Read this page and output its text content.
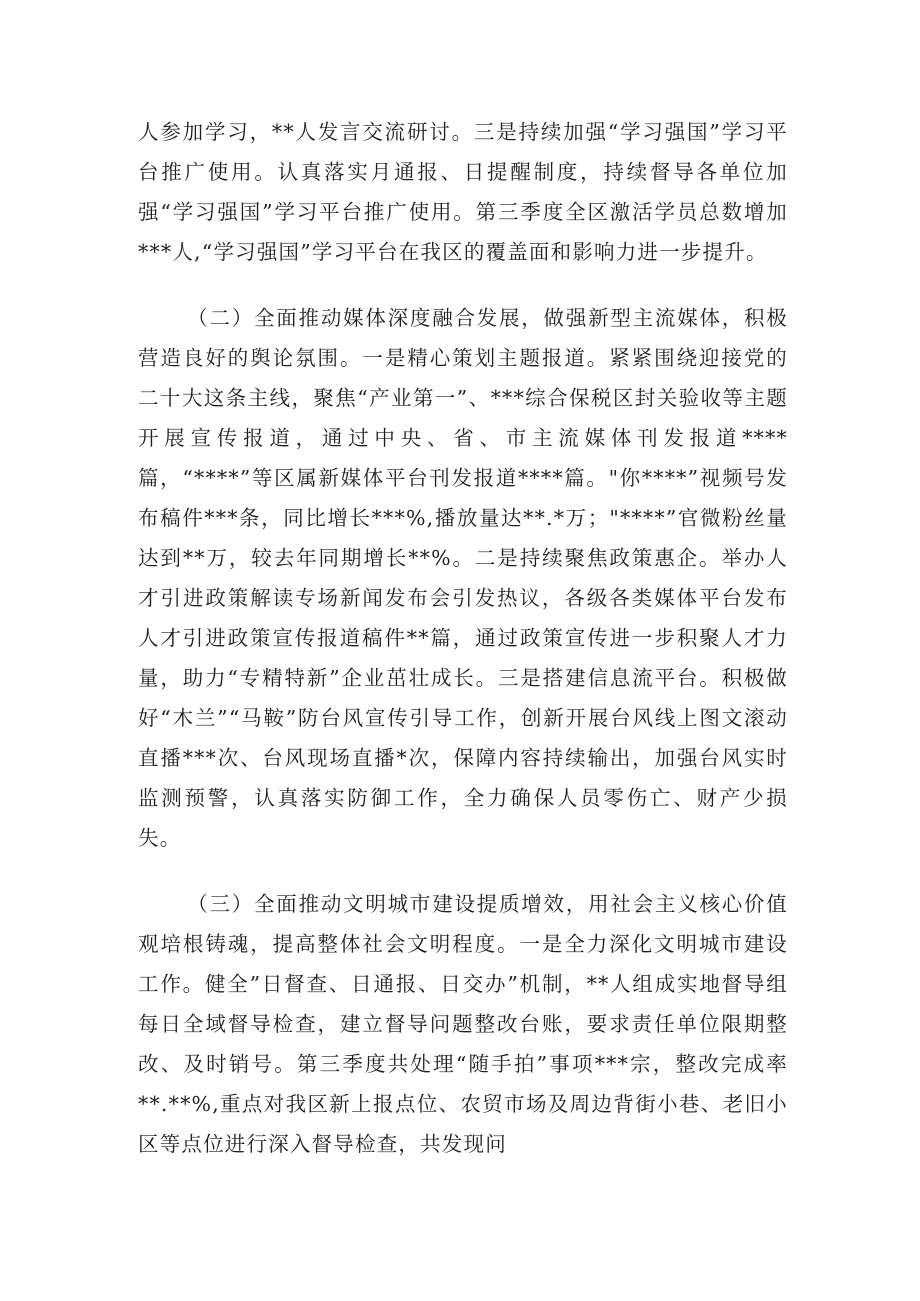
人参加学习，**人发言交流研讨。三是持续加强“学习强国”学习平台推广使用。认真落实月通报、日提醒制度，持续督导各单位加强“学习强国”学习平台推广使用。第三季度全区激活学员总数增加***人,“学习强国”学习平台在我区的覆盖面和影响力进一步提升。

（二）全面推动媒体深度融合发展，做强新型主流媒体，积极营造良好的舆论氛围。一是精心策划主题报道。紧紧围绕迎接党的二十大这条主线，聚焦“产业第一”、***综合保税区封关验收等主题开展宣传报道，通过中央、省、市主流媒体刊发报道****篇，“****”等区属新媒体平台刊发报道****篇。"你****”视频号发布稿件***条，同比增长***%,播放量达**.*万；"****”官微粉丝量达到**万，较去年同期增长**%。二是持续聚焦政策惠企。举办人才引进政策解读专场新闻发布会引发热议，各级各类媒体平台发布人才引进政策宣传报道稿件**篇，通过政策宣传进一步积聚人才力量，助力“专精特新”企业茁壮成长。三是搭建信息流平台。积极做好“木兰”“马鞍”防台风宣传引导工作，创新开展台风线上图文滚动直播***次、台风现场直播*次，保障内容持续输出，加强台风实时监测预警，认真落实防御工作，全力确保人员零伤亡、财产少损失。

（三）全面推动文明城市建设提质增效，用社会主义核心价值观培根铸魂，提高整体社会文明程度。一是全力深化文明城市建设工作。健全”日督查、日通报、日交办”机制，**人组成实地督导组每日全域督导检查，建立督导问题整改台账，要求责任单位限期整改、及时销号。第三季度共处理“随手拍”事项***宗，整改完成率**.**%,重点对我区新上报点位、农贸市场及周边背街小巷、老旧小区等点位进行深入督导检查，共发现问
